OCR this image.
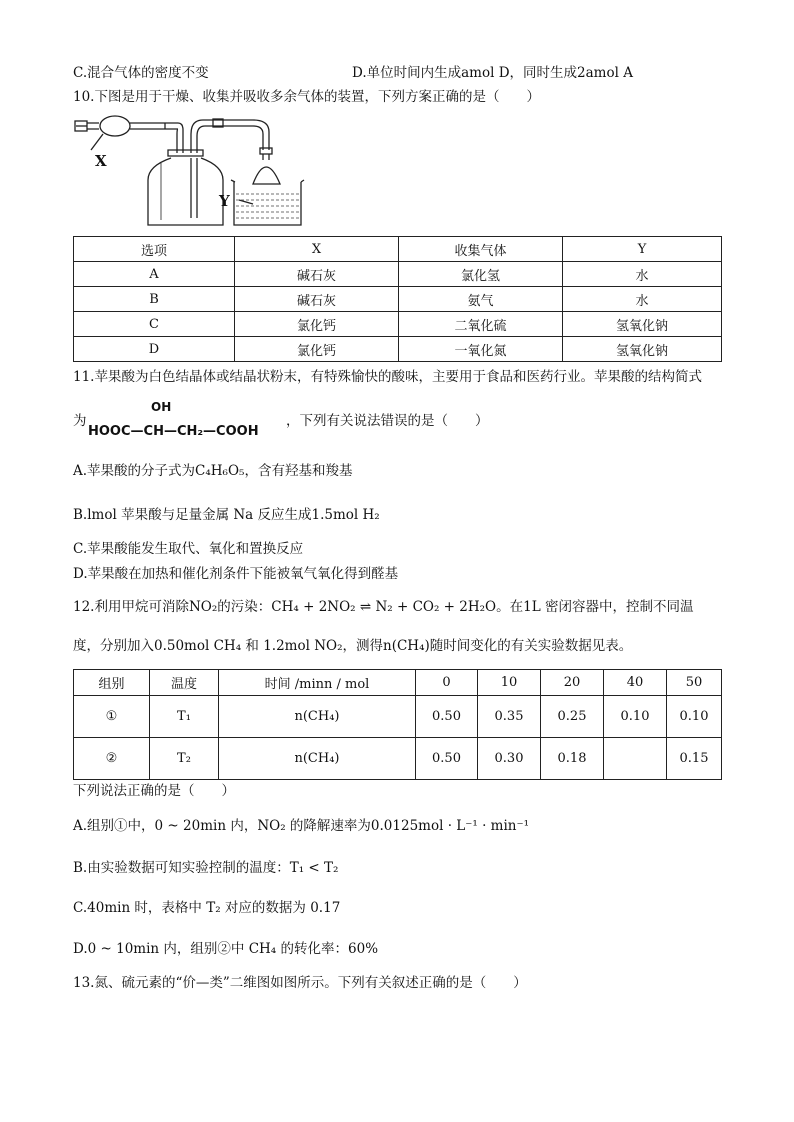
C.混合气体的密度不变	D.单位时间内生成amol D，同时生成2amol A
10.下图是用于干燥、收集并吸收多余气体的装置，下列方案正确的是（　　）
X
Y
选项	X	收集气体	Y
A	碱石灰	氯化氢	水
B	碱石灰	氨气	水
C	氯化钙	二氧化硫	氢氧化钠
D	氯化钙	一氧化氮	氢氧化钠
11.苹果酸为白色结晶体或结晶状粉末，有特殊愉快的酸味，主要用于食品和医药行业。苹果酸的结构简式
为
OH
HOOC—CH—CH₂—COOH
，下列有关说法错误的是（　　）
A.苹果酸的分子式为C₄H₆O₅，含有羟基和羧基
B.lmol 苹果酸与足量金属 Na 反应生成1.5mol H₂
C.苹果酸能发生取代、氧化和置换反应
D.苹果酸在加热和催化剂条件下能被氧气氧化得到醛基
12.利用甲烷可消除NO₂的污染：CH₄ + 2NO₂ ⇌ N₂ + CO₂ + 2H₂O。在1L 密闭容器中，控制不同温
度，分别加入0.50mol CH₄ 和 1.2mol NO₂，测得n(CH₄)随时间变化的有关实验数据见表。
组别	温度	时间 /minn / mol	0	10	20	40	50
①	T₁	n(CH₄)	0.50	0.35	0.25	0.10	0.10
②	T₂	n(CH₄)	0.50	0.30	0.18		0.15
下列说法正确的是（　　）
A.组别①中，0 ~ 20min 内，NO₂ 的降解速率为0.0125mol · L⁻¹ · min⁻¹
B.由实验数据可知实验控制的温度：T₁ < T₂
C.40min 时，表格中 T₂ 对应的数据为 0.17
D.0 ~ 10min 内，组别②中 CH₄ 的转化率：60%
13.氮、硫元素的“价—类”二维图如图所示。下列有关叙述正确的是（　　）
